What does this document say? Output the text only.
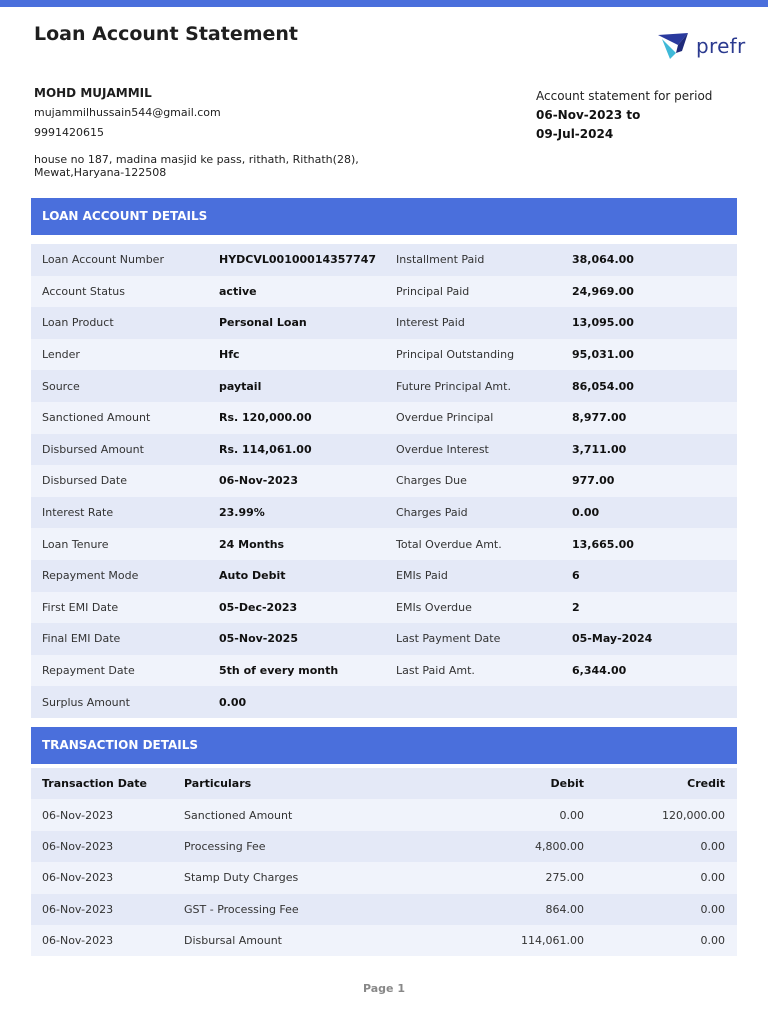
Loan Account Statement	prefr
MOHD MUJAMMIL
mujammilhussain544@gmail.com
9991420615
house no 187, madina masjid ke pass, rithath, Rithath(28), Mewat,Haryana-122508
Account statement for period
06-Nov-2023 to
09-Jul-2024
LOAN ACCOUNT DETAILS
Loan Account Number	HYDCVL00100014357747	Installment Paid	38,064.00
Account Status	active	Principal Paid	24,969.00
Loan Product	Personal Loan	Interest Paid	13,095.00
Lender	Hfc	Principal Outstanding	95,031.00
Source	paytail	Future Principal Amt.	86,054.00
Sanctioned Amount	Rs. 120,000.00	Overdue Principal	8,977.00
Disbursed Amount	Rs. 114,061.00	Overdue Interest	3,711.00
Disbursed Date	06-Nov-2023	Charges Due	977.00
Interest Rate	23.99%	Charges Paid	0.00
Loan Tenure	24 Months	Total Overdue Amt.	13,665.00
Repayment Mode	Auto Debit	EMIs Paid	6
First EMI Date	05-Dec-2023	EMIs Overdue	2
Final EMI Date	05-Nov-2025	Last Payment Date	05-May-2024
Repayment Date	5th of every month	Last Paid Amt.	6,344.00
Surplus Amount	0.00
TRANSACTION DETAILS
Transaction Date	Particulars	Debit	Credit
06-Nov-2023	Sanctioned Amount	0.00	120,000.00
06-Nov-2023	Processing Fee	4,800.00	0.00
06-Nov-2023	Stamp Duty Charges	275.00	0.00
06-Nov-2023	GST - Processing Fee	864.00	0.00
06-Nov-2023	Disbursal Amount	114,061.00	0.00
Page 1
